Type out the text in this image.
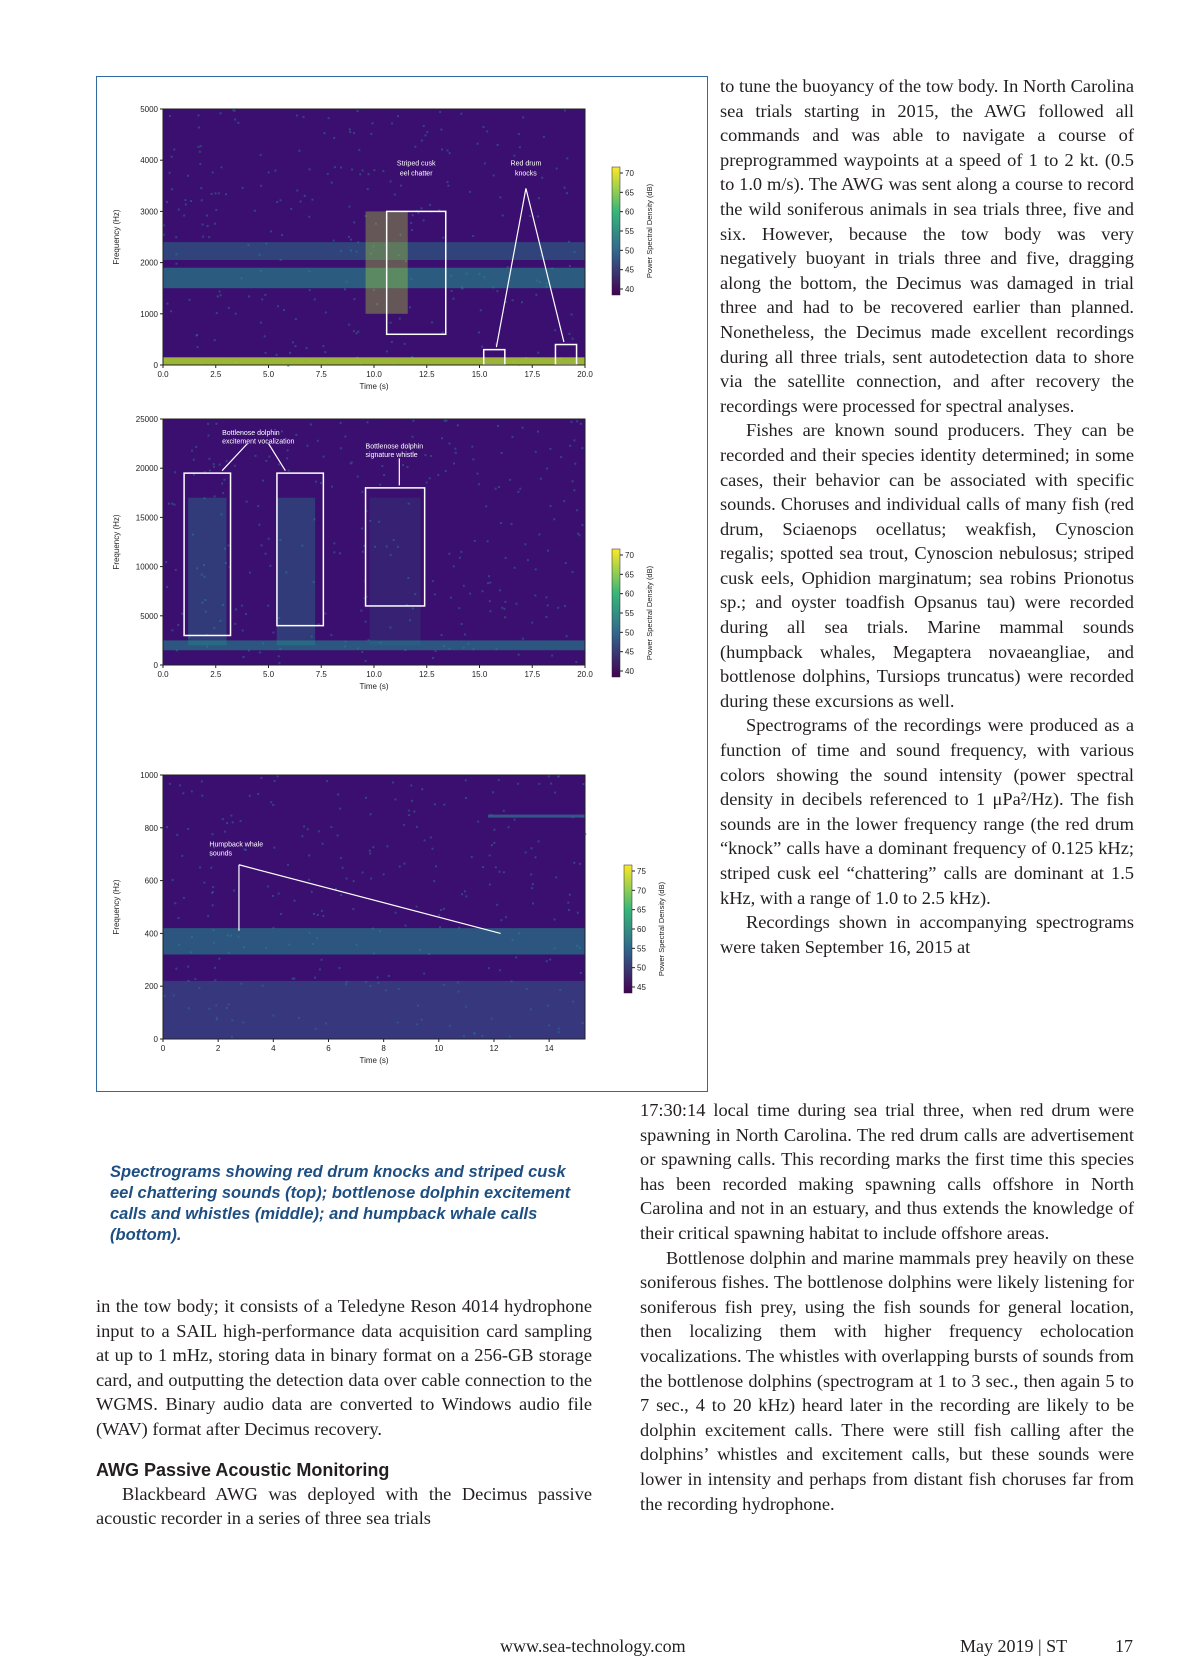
Striped cusk
eel chatter
Red drum
knocks
0
1000
2000
3000
4000
5000
0.0	2.5	5.0	7.5	10.0	12.5	15.0	17.5	20.0
Time (s)
Frequency (Hz)
70
65
60
55
50
45
40
Power Spectral Density (dB)
Bottlenose dolphin
excitement vocalization
Bottlenose dolphin
signature whistle
0
5000
10000
15000
20000
25000
0.0	2.5	5.0	7.5	10.0	12.5	15.0	17.5	20.0
Time (s)
Frequency (Hz)	70
65
60
55
50
45
40
Power Spectral Density (dB)
Humpback whale
sounds
0
200
400
600
800
1000
0	2	4	6	8	10	12	14
Time (s)
Frequency (Hz)
75
70
65
60
55
50
45
Power Spectral Density (dB)
Spectrograms showing red drum knocks and striped cusk eel chattering sounds (top); bottlenose dolphin excitement calls and whistles (middle); and humpback whale calls (bottom).

to tune the buoyancy of the tow body. In North Carolina sea trials starting in 2015, the AWG followed all commands and was able to navigate a course of preprogrammed waypoints at a speed of 1 to 2 kt. (0.5 to 1.0 m/s). The AWG was sent along a course to record the wild soniferous animals in sea trials three, five and six. However, because the tow body was very negatively buoyant in trials three and five, dragging along the bottom, the Decimus was damaged in trial three and had to be recovered earlier than planned. Nonetheless, the Decimus made excellent recordings during all three trials, sent autodetection data to shore via the satellite connection, and after recovery the recordings were processed for spectral analyses.

Fishes are known sound producers. They can be recorded and their species identity determined; in some cases, their behavior can be associated with specific sounds. Choruses and individual calls of many fish (red drum, Sciaenops ocellatus; weakfish, Cynoscion regalis; spotted sea trout, Cynoscion nebulosus; striped cusk eels, Ophidion marginatum; sea robins Prionotus sp.; and oyster toadfish Opsanus tau) were recorded during all sea trials. Marine mammal sounds (humpback whales, Megaptera novaeangliae, and bottlenose dolphins, Tursiops truncatus) were recorded during these excursions as well.

Spectrograms of the recordings were produced as a function of time and sound frequency, with various colors showing the sound intensity (power spectral density in decibels referenced to 1 μPa²/Hz). The fish sounds are in the lower frequency range (the red drum “knock” calls have a dominant frequency of 0.125 kHz; striped cusk eel “chattering” calls are dominant at 1.5 kHz, with a range of 1.0 to 2.5 kHz).

Recordings shown in accompanying spectrograms were taken September 16, 2015 at

17:30:14 local time during sea trial three, when red drum were spawning in North Carolina. The red drum calls are advertisement or spawning calls. This recording marks the first time this species has been recorded making spawning calls offshore in North Carolina and not in an estuary, and thus extends the knowledge of their critical spawning habitat to include offshore areas.

Bottlenose dolphin and marine mammals prey heavily on these soniferous fishes. The bottlenose dolphins were likely listening for soniferous fish prey, using the fish sounds for general location, then localizing them with higher frequency echolocation vocalizations. The whistles with overlapping bursts of sounds from the bottlenose dolphins (spectrogram at 1 to 3 sec., then again 5 to 7 sec., 4 to 20 kHz) heard later in the recording are likely to be dolphin excitement calls. There were still fish calling after the dolphins’ whistles and excitement calls, but these sounds were lower in intensity and perhaps from distant fish choruses far from the recording hydrophone.

in the tow body; it consists of a Teledyne Reson 4014 hydrophone input to a SAIL high-performance data acquisition card sampling at up to 1 mHz, storing data in binary format on a 256-GB storage card, and outputting the detection data over cable connection to the WGMS. Binary audio data are converted to Windows audio file (WAV) format after Decimus recovery.

AWG Passive Acoustic Monitoring

Blackbeard AWG was deployed with the Decimus passive acoustic recorder in a series of three sea trials

www.sea-technology.com	May 2019 | ST	17
